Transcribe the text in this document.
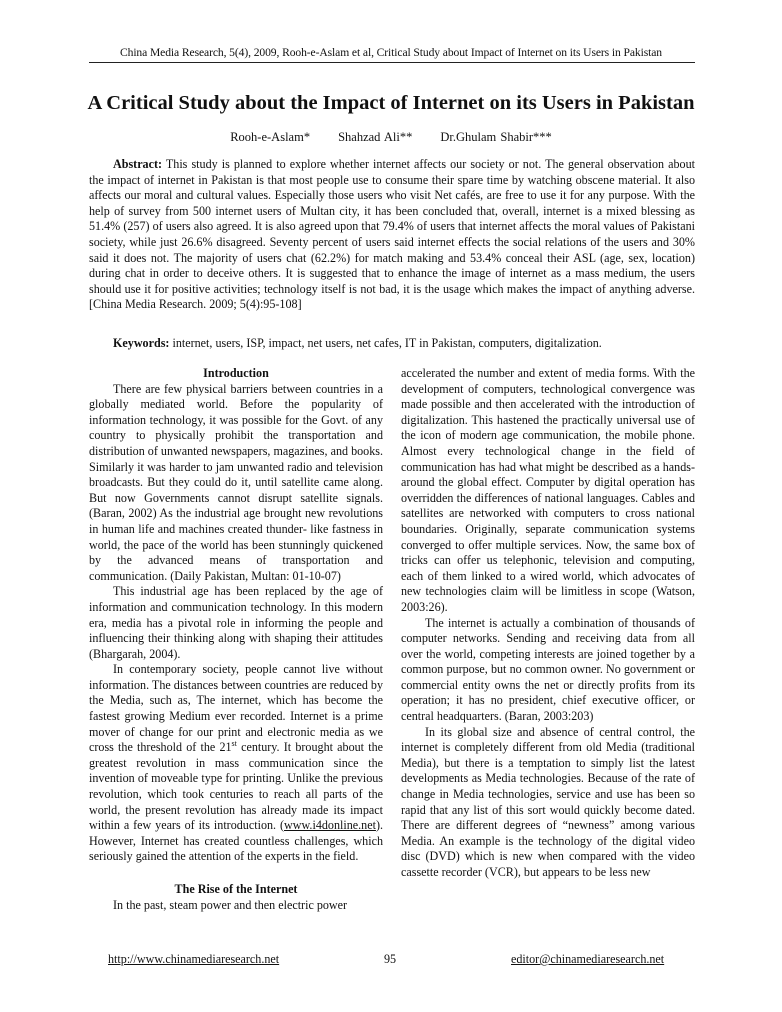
China Media Research, 5(4), 2009, Rooh-e-Aslam et al, Critical Study about Impact of Internet on its Users in Pakistan
A Critical Study about the Impact of Internet on its Users in Pakistan
Rooh-e-Aslam* Shahzad Ali** Dr.Ghulam Shabir***

Abstract: This study is planned to explore whether internet affects our society or not. The general observation about the impact of internet in Pakistan is that most people use to consume their spare time by watching obscene material. It also affects our moral and cultural values. Especially those users who visit Net cafés, are free to use it for any purpose. With the help of survey from 500 internet users of Multan city, it has been concluded that, overall, internet is a mixed blessing as 51.4% (257) of users also agreed. It is also agreed upon that 79.4% of users that internet affects the moral values of Pakistani society, while just 26.6% disagreed. Seventy percent of users said internet effects the social relations of the users and 30% said it does not. The majority of users chat (62.2%) for match making and 53.4% conceal their ASL (age, sex, location) during chat in order to deceive others. It is suggested that to enhance the image of internet as a mass medium, the users should use it for positive activities; technology itself is not bad, it is the usage which makes the impact of anything adverse. [China Media Research. 2009; 5(4):95-108]

Keywords: internet, users, ISP, impact, net users, net cafes, IT in Pakistan, computers, digitalization.

Introduction

There are few physical barriers between countries in a globally mediated world. Before the popularity of information technology, it was possible for the Govt. of any country to physically prohibit the transportation and distribution of unwanted newspapers, magazines, and books. Similarly it was harder to jam unwanted radio and television broadcasts. But they could do it, until satellite came along. But now Governments cannot disrupt satellite signals. (Baran, 2002) As the industrial age brought new revolutions in human life and machines created thunder- like fastness in world, the pace of the world has been stunningly quickened by the advanced means of transportation and communication. (Daily Pakistan, Multan: 01-10-07)

This industrial age has been replaced by the age of information and communication technology. In this modern era, media has a pivotal role in informing the people and influencing their thinking along with shaping their attitudes (Bhargarah, 2004).

In contemporary society, people cannot live without information. The distances between countries are reduced by the Media, such as, The internet, which has become the fastest growing Medium ever recorded. Internet is a prime mover of change for our print and electronic media as we cross the threshold of the 21st century. It brought about the greatest revolution in mass communication since the invention of moveable type for printing. Unlike the previous revolution, which took centuries to reach all parts of the world, the present revolution has already made its impact within a few years of its introduction. (www.i4donline.net). However, Internet has created countless challenges, which seriously gained the attention of the experts in the field.

The Rise of the Internet

In the past, steam power and then electric power

accelerated the number and extent of media forms. With the development of computers, technological convergence was made possible and then accelerated with the introduction of digitalization. This hastened the practically universal use of the icon of modern age communication, the mobile phone. Almost every technological change in the field of communication has had what might be described as a hands-around the global effect. Computer by digital operation has overridden the differences of national languages. Cables and satellites are networked with computers to cross national boundaries. Originally, separate communication systems converged to offer multiple services. Now, the same box of tricks can offer us telephonic, television and computing, each of them linked to a wired world, which advocates of new technologies claim will be limitless in scope (Watson, 2003:26).

The internet is actually a combination of thousands of computer networks. Sending and receiving data from all over the world, competing interests are joined together by a common purpose, but no common owner. No government or commercial entity owns the net or directly profits from its operation; it has no president, chief executive officer, or central headquarters. (Baran, 2003:203)

In its global size and absence of central control, the internet is completely different from old Media (traditional Media), but there is a temptation to simply list the latest developments as Media technologies. Because of the rate of change in Media technologies, service and use has been so rapid that any list of this sort would quickly become dated. There are different degrees of “newness” among various Media. An example is the technology of the digital video disc (DVD) which is new when compared with the video cassette recorder (VCR), but appears to be less new

http://www.chinamediaresearch.net	95	editor@chinamediaresearch.net
